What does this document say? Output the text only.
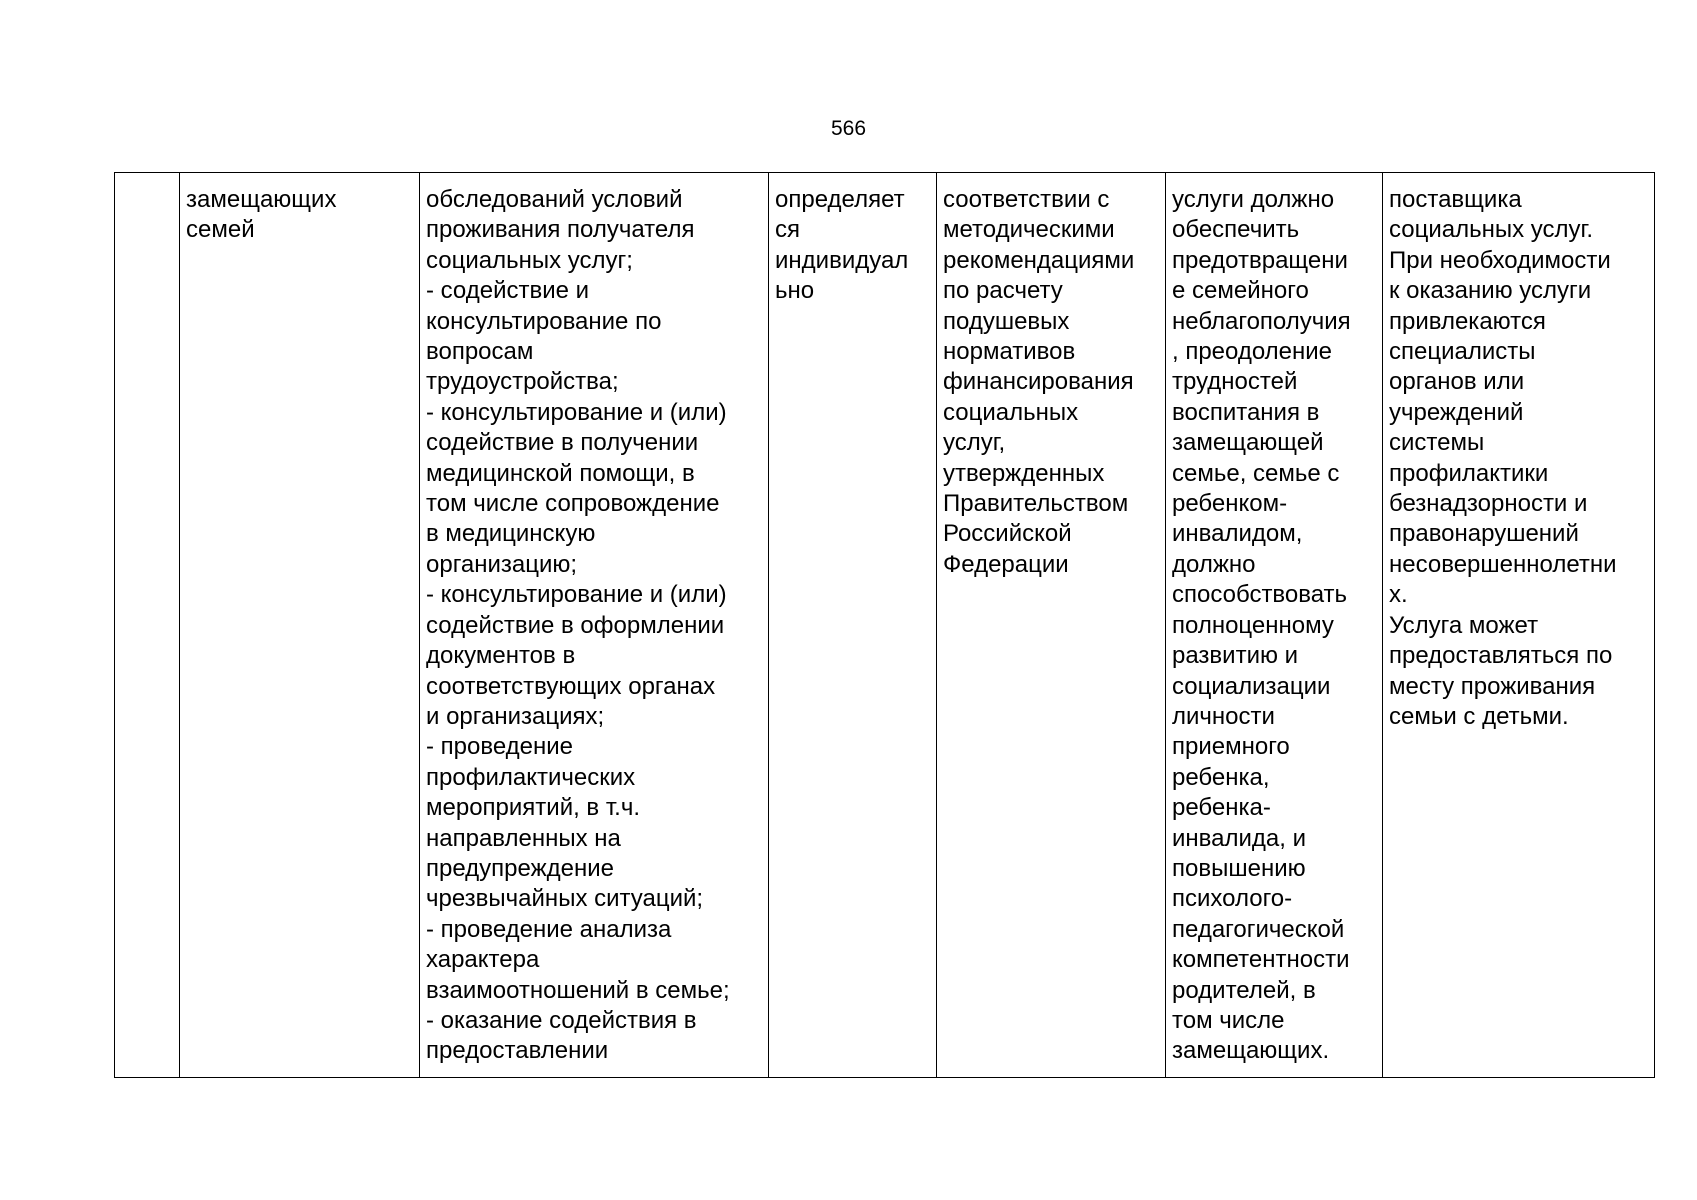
566
	замещающих
семей	обследований условий
проживания получателя
социальных услуг;
- содействие и
консультирование по
вопросам
трудоустройства;
- консультирование и (или)
содействие в получении
медицинской помощи, в
том числе сопровождение
в медицинскую
организацию;
- консультирование и (или)
содействие в оформлении
документов в
соответствующих органах
и организациях;
- проведение
профилактических
мероприятий, в т.ч.
направленных на
предупреждение
чрезвычайных ситуаций;
- проведение анализа
характера
взаимоотношений в семье;
- оказание содействия в
предоставлении	определяет
ся
индивидуал
ьно	соответствии с
методическими
рекомендациями
по расчету
подушевых
нормативов
финансирования
социальных
услуг,
утвержденных
Правительством
Российской
Федерации	услуги должно
обеспечить
предотвращени
е семейного
неблагополучия
, преодоление
трудностей
воспитания в
замещающей
семье, семье с
ребенком-
инвалидом,
должно
способствовать
полноценному
развитию и
социализации
личности
приемного
ребенка,
ребенка-
инвалида, и
повышению
психолого-
педагогической
компетентности
родителей, в
том числе
замещающих.	поставщика
социальных услуг.
При необходимости
к оказанию услуги
привлекаются
специалисты
органов или
учреждений
системы
профилактики
безнадзорности и
правонарушений
несовершеннолетни
х.
Услуга может
предоставляться по
месту проживания
семьи с детьми.
